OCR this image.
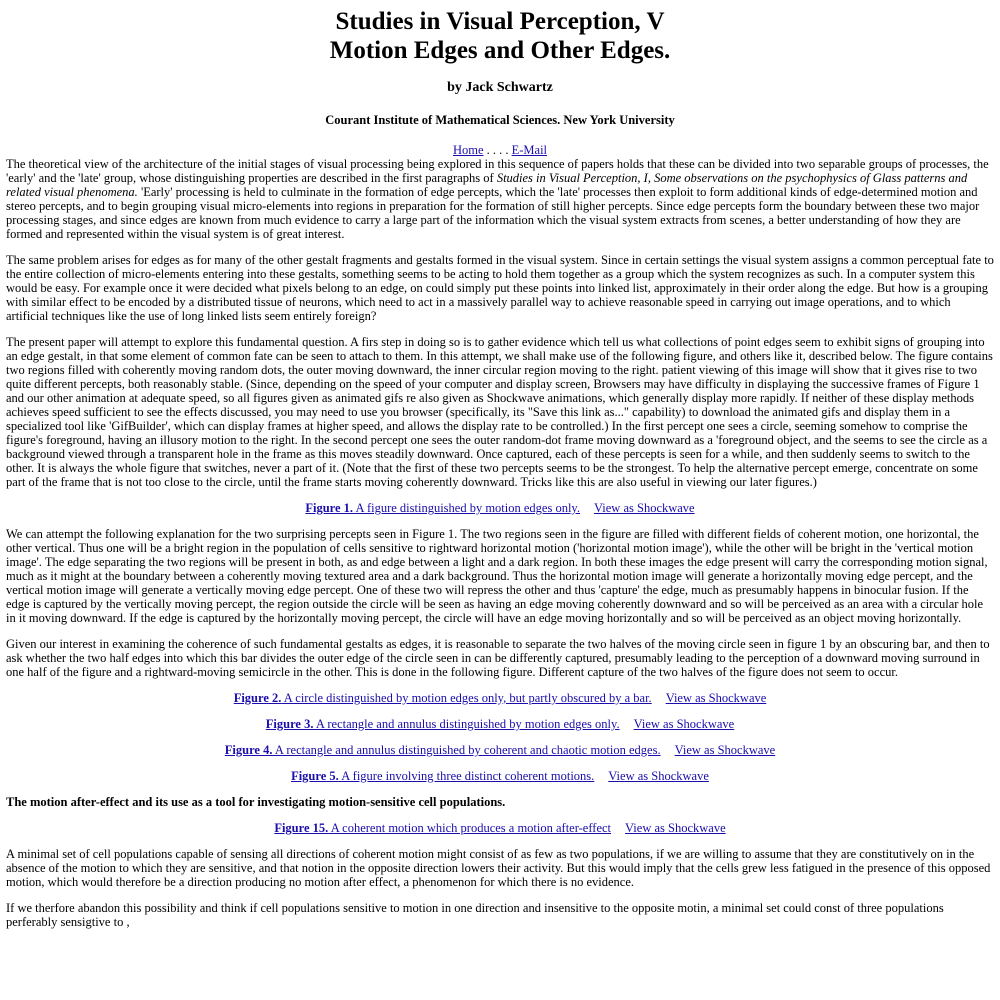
Studies in Visual Perception, V
Motion Edges and Other Edges.
by Jack Schwartz
Courant Institute of Mathematical Sciences. New York University
Home . . . . E-Mail

The theoretical view of the architecture of the initial stages of visual processing being explored in this sequence of papers holds that these can be divided into two separable groups of processes, the 'early' and the 'late' group, whose distinguishing properties are described in the first paragraphs of Studies in Visual Perception, I, Some observations on the psychophysics of Glass patterns and related visual phenomena. 'Early' processing is held to culminate in the formation of edge percepts, which the 'late' processes then exploit to form additional kinds of edge-determined motion and stereo percepts, and to begin grouping visual micro-elements into regions in preparation for the formation of still higher percepts. Since edge percepts form the boundary between these two major processing stages, and since edges are known from much evidence to carry a large part of the information which the visual system extracts from scenes, a better understanding of how they are formed and represented within the visual system is of great interest.

The same problem arises for edges as for many of the other gestalt fragments and gestalts formed in the visual system. Since in certain settings the visual system assigns a common perceptual fate to the entire collection of micro-elements entering into these gestalts, something seems to be acting to hold them together as a group which the system recognizes as such. In a computer system this would be easy. For example once it were decided what pixels belong to an edge, on could simply put these points into linked list, approximately in their order along the edge. But how is a grouping with similar effect to be encoded by a distributed tissue of neurons, which need to act in a massively parallel way to achieve reasonable speed in carrying out image operations, and to which artificial techniques like the use of long linked lists seem entirely foreign?

The present paper will attempt to explore this fundamental question. A firs step in doing so is to gather evidence which tell us what collections of point edges seem to exhibit signs of grouping into an edge gestalt, in that some element of common fate can be seen to attach to them. In this attempt, we shall make use of the following figure, and others like it, described below. The figure contains two regions filled with coherently moving random dots, the outer moving downward, the inner circular region moving to the right. patient viewing of this image will show that it gives rise to two quite different percepts, both reasonably stable. (Since, depending on the speed of your computer and display screen, Browsers may have difficulty in displaying the successive frames of Figure 1 and our other animation at adequate speed, so all figures given as animated gifs re also given as Shockwave animations, which generally display more rapidly. If neither of these display methods achieves speed sufficient to see the effects discussed, you may need to use you browser (specifically, its "Save this link as..." capability) to download the animated gifs and display them in a specialized tool like 'GifBuilder', which can display frames at higher speed, and allows the display rate to be controlled.) In the first percept one sees a circle, seeming somehow to comprise the figure's foreground, having an illusory motion to the right. In the second percept one sees the outer random-dot frame moving downward as a 'foreground object, and the seems to see the circle as a background viewed through a transparent hole in the frame as this moves steadily downward. Once captured, each of these percepts is seen for a while, and then suddenly seems to switch to the other. It is always the whole figure that switches, never a part of it. (Note that the first of these two percepts seems to be the strongest. To help the alternative percept emerge, concentrate on some part of the frame that is not too close to the circle, until the frame starts moving coherently downward. Tricks like this are also useful in viewing our later figures.)

Figure 1. A figure distinguished by motion edges only. View as Shockwave

We can attempt the following explanation for the two surprising percepts seen in Figure 1. The two regions seen in the figure are filled with different fields of coherent motion, one horizontal, the other vertical. Thus one will be a bright region in the population of cells sensitive to rightward horizontal motion ('horizontal motion image'), while the other will be bright in the 'vertical motion image'. The edge separating the two regions will be present in both, as and edge between a light and a dark region. In both these images the edge present will carry the corresponding motion signal, much as it might at the boundary between a coherently moving textured area and a dark background. Thus the horizontal motion image will generate a horizontally moving edge percept, and the vertical motion image will generate a vertically moving edge percept. One of these two will repress the other and thus 'capture' the edge, much as presumably happens in binocular fusion. If the edge is captured by the vertically moving percept, the region outside the circle will be seen as having an edge moving coherently downward and so will be perceived as an area with a circular hole in it moving downward. If the edge is captured by the horizontally moving percept, the circle will have an edge moving horizontally and so will be perceived as an object moving horizontally.

Given our interest in examining the coherence of such fundamental gestalts as edges, it is reasonable to separate the two halves of the moving circle seen in figure 1 by an obscuring bar, and then to ask whether the two half edges into which this bar divides the outer edge of the circle seen in can be differently captured, presumably leading to the perception of a downward moving surround in one half of the figure and a rightward-moving semicircle in the other. This is done in the following figure. Different capture of the two halves of the figure does not seem to occur.

Figure 2. A circle distinguished by motion edges only, but partly obscured by a bar. View as Shockwave
Figure 3. A rectangle and annulus distinguished by motion edges only. View as Shockwave
Figure 4. A rectangle and annulus distinguished by coherent and chaotic motion edges. View as Shockwave
Figure 5. A figure involving three distinct coherent motions. View as Shockwave
The motion after-effect and its use as a tool for investigating motion-sensitive cell populations.
Figure 15. A coherent motion which produces a motion after-effect View as Shockwave

A minimal set of cell populations capable of sensing all directions of coherent motion might consist of as few as two populations, if we are willing to assume that they are constitutively on in the absence of the motion to which they are sensitive, and that notion in the opposite direction lowers their activity. But this would imply that the cells grew less fatigued in the presence of this opposed motion, which would therefore be a direction producing no motion after effect, a phenomenon for which there is no evidence.

If we therfore abandon this possibility and think if cell populations sensitive to motion in one direction and insensitive to the opposite motin, a minimal set could const of three populations perferably sensigtive to ,
